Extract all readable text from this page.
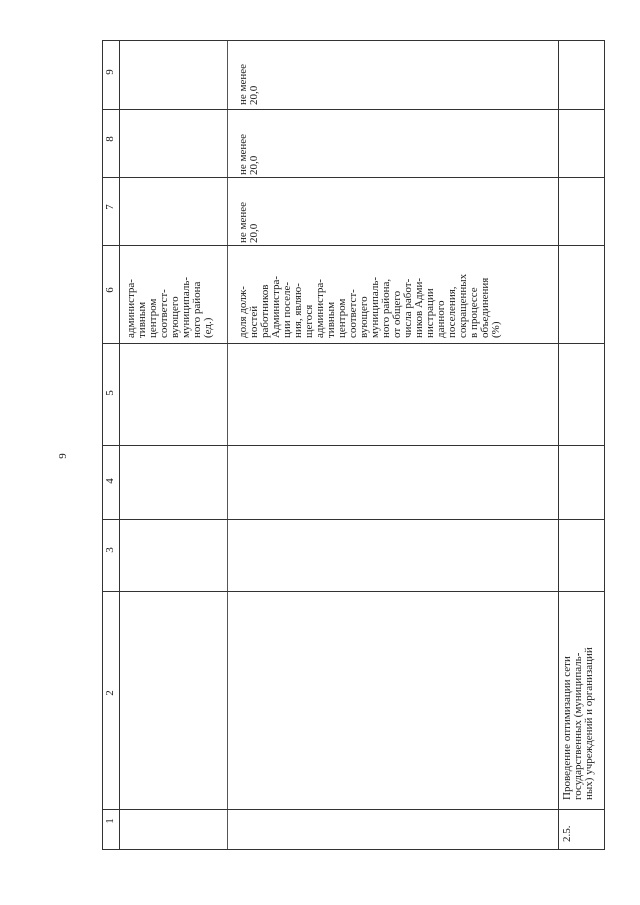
9
1
2
3
4
5
6
7
8
9
администра- тивным центром соответст- вующего муниципаль- ного района (ед.) доля долж- ностей работников Администра- ции поселе- ния, являю- щегося администра- тивным центром соответст- вующего муниципаль- ного района, от общего числа работ- ников Адми- нистрации данного поселения, сокращенных в процессе объединения (%)
не менее 20,0
не менее 20,0
не менее 20,0
2.5.
Проведение оптимизации сети государственных (муниципаль- ных) учреждений и организаций
